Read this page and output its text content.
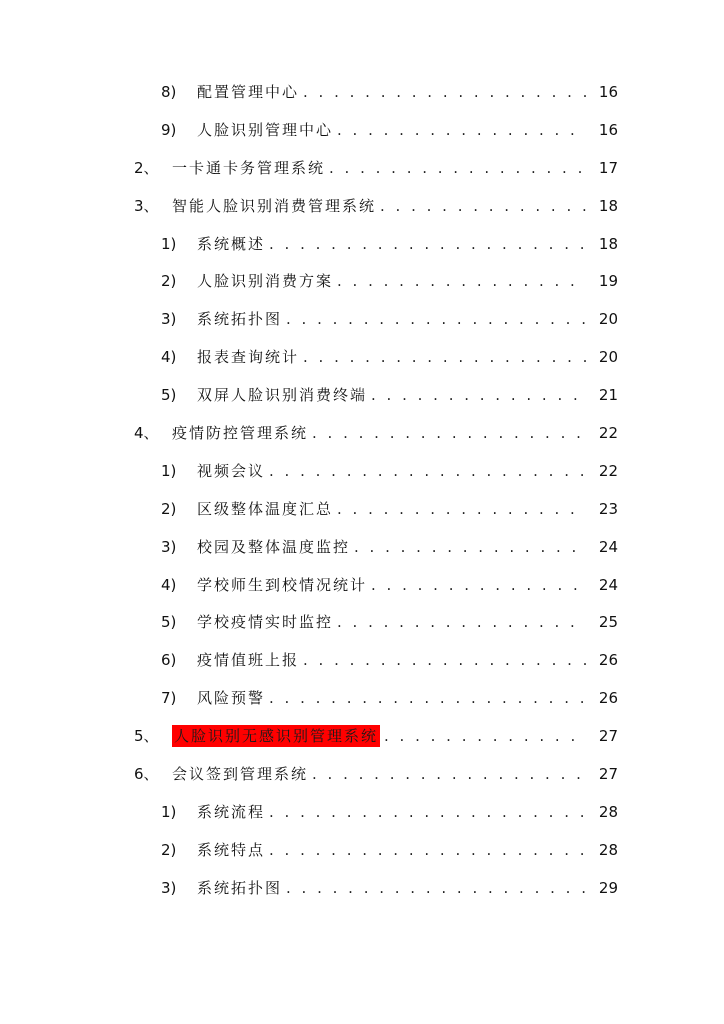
8) 配置管理中心 . . .	16
9) 人脸识别管理中心 . . .	16
2、 一卡通卡务管理系统 . . .	17
3、 智能人脸识别消费管理系统 . . .	18
1) 系统概述 . . .	18
2) 人脸识别消费方案 . . .	19
3) 系统拓扑图 . . .	20
4) 报表查询统计 . . .	20
5) 双屏人脸识别消费终端 . . .	21
4、 疫情防控管理系统 . . .	22
1) 视频会议 . . .	22
2) 区级整体温度汇总 . . .	23
3) 校园及整体温度监控 . . .	24
4) 学校师生到校情况统计 . . .	24
5) 学校疫情实时监控 . . .	25
6) 疫情值班上报 . . .	26
7) 风险预警 . . .	26
5、 人脸识别无感识别管理系统 . . .	27
6、 会议签到管理系统 . . .	27
1) 系统流程 . . .	28
2) 系统特点 . . .	28
3) 系统拓扑图 . . .	29
